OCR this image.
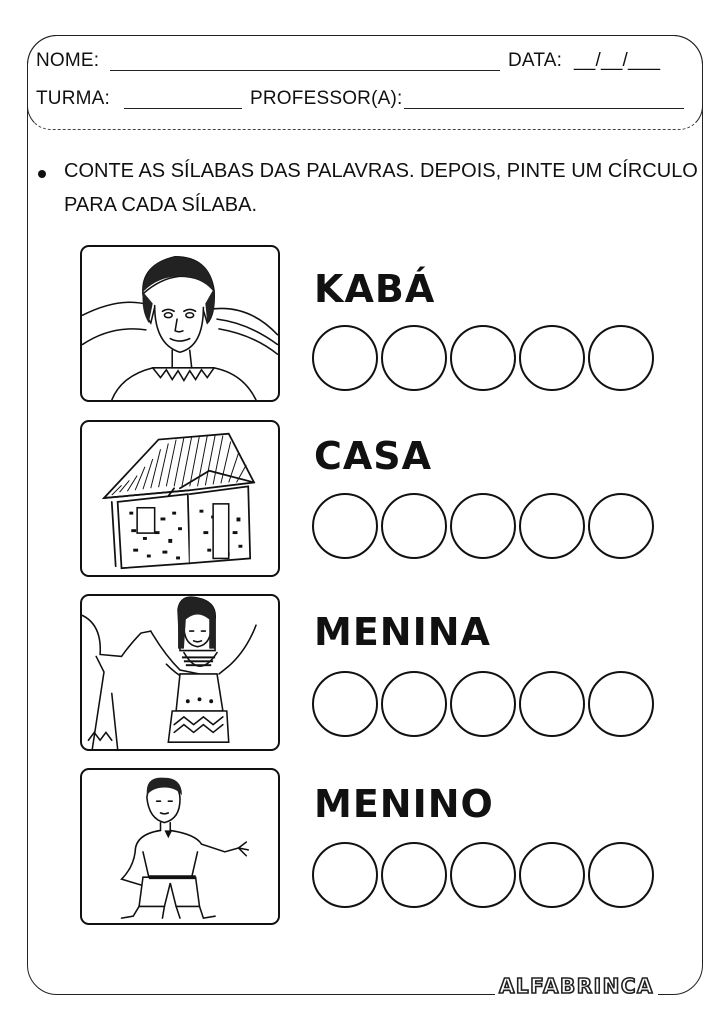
NOME:	DATA: __/__/___
TURMA:	PROFESSOR(A):
CONTE AS SÍLABAS DAS PALAVRAS. DEPOIS, PINTE UM CÍRCULO
PARA CADA SÍLABA.
KABÁ
CASA
MENINA
MENINO
ALFABRINCA
